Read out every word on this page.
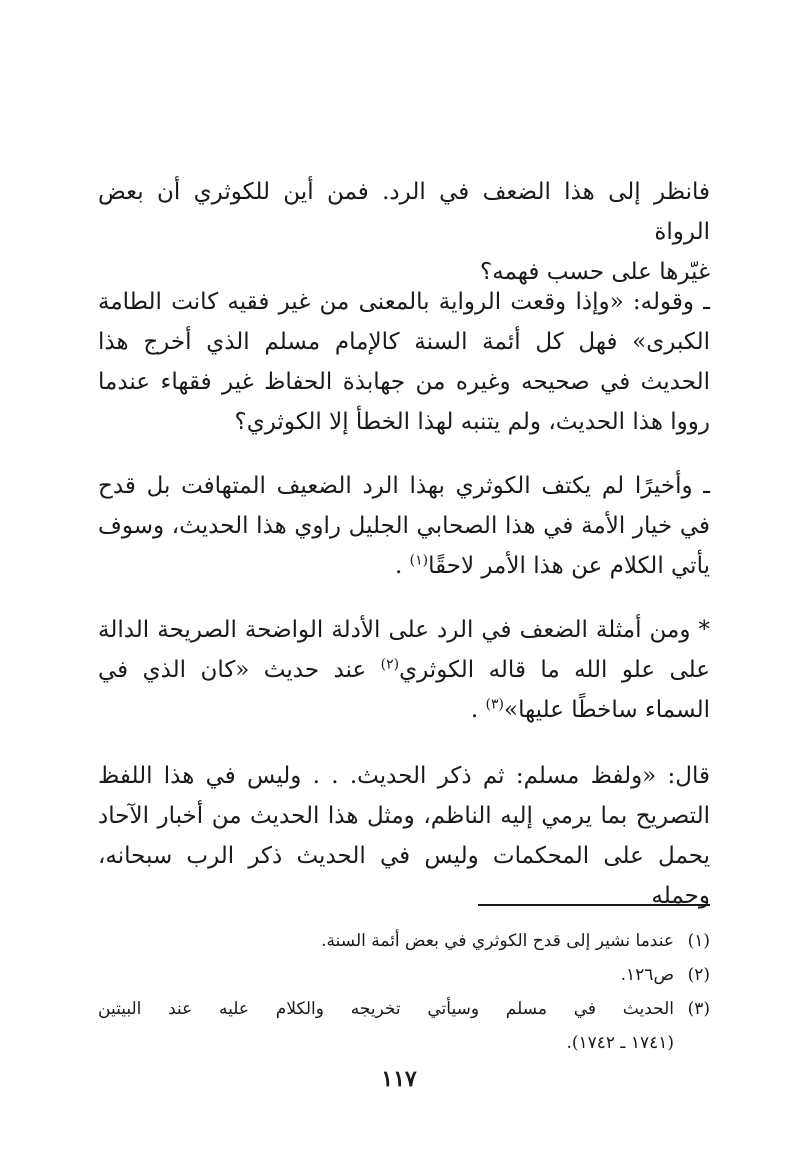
فانظر إلى هذا الضعف في الرد. فمن أين للكوثري أن بعض الرواة
غيّرها على حسب فهمه؟

ـ وقوله: «وإذا وقعت الرواية بالمعنى من غير فقيه كانت الطامة الكبرى» فهل كل أئمة السنة كالإمام مسلم الذي أخرج هذا الحديث في صحيحه وغيره من جهابذة الحفاظ غير فقهاء عندما رووا هذا الحديث، ولم يتنبه لهذا الخطأ إلا الكوثري؟

ـ وأخيرًا لم يكتف الكوثري بهذا الرد الضعيف المتهافت بل قدح في خيار الأمة في هذا الصحابي الجليل راوي هذا الحديث، وسوف يأتي الكلام عن هذا الأمر لاحقًا$^{(١)}$ .

* ومن أمثلة الضعف في الرد على الأدلة الواضحة الصريحة الدالة على علو الله ما قاله الكوثري$^{(٢)}$ عند حديث «كان الذي في السماء ساخطًا عليها»$^{(٣)}$ .

قال: «ولفظ مسلم: ثم ذكر الحديث. . . وليس في هذا اللفظ التصريح بما يرمي إليه الناظم، ومثل هذا الحديث من أخبار الآحاد يحمل على المحكمات وليس في الحديث ذكر الرب سبحانه، وحمله

(١)عندما نشير إلى قدح الكوثري في بعض أئمة السنة.

(٢)ص١٢٦.

(٣)
الحديث في مسلم وسيأتي تخريجه والكلام عليه عند البيتين
(١٧٤١ ـ ١٧٤٢).
١١٧
